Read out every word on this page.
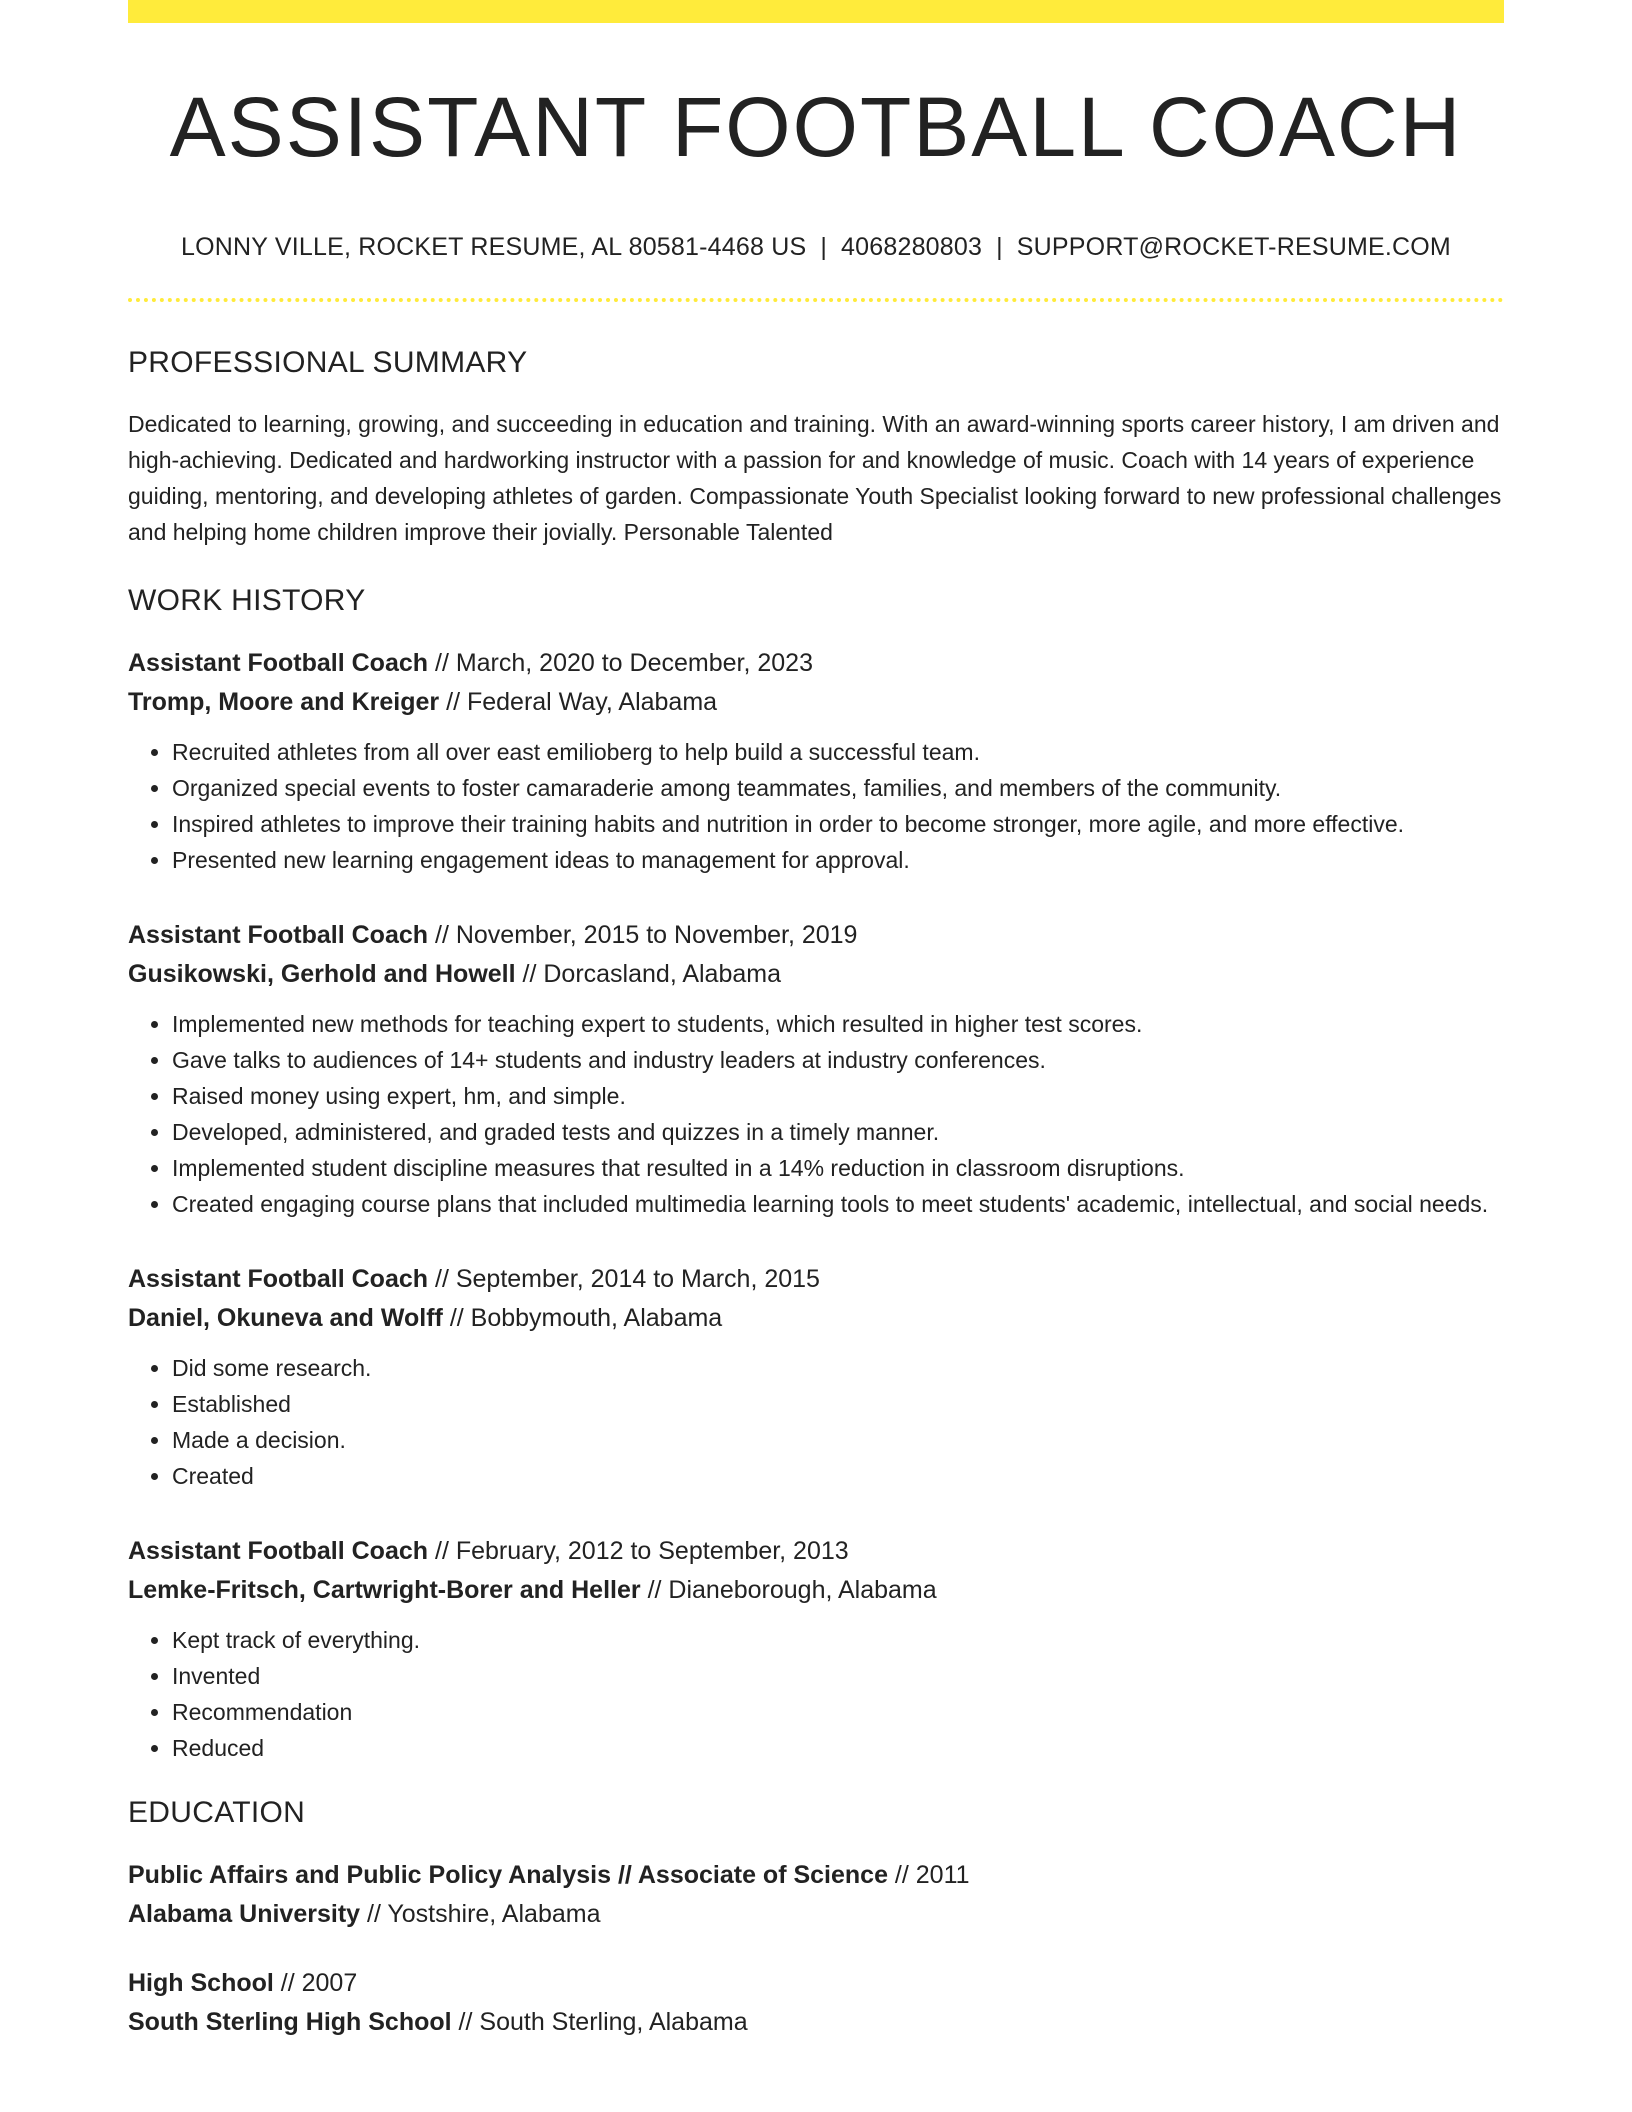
ASSISTANT FOOTBALL COACH
LONNY VILLE, ROCKET RESUME, AL 80581-4468 US | 4068280803 | SUPPORT@ROCKET-RESUME.COM
PROFESSIONAL SUMMARY
Dedicated to learning, growing, and succeeding in education and training. With an award-winning sports career history, I am driven and high-achieving. Dedicated and hardworking instructor with a passion for and knowledge of music. Coach with 14 years of experience guiding, mentoring, and developing athletes of garden. Compassionate Youth Specialist looking forward to new professional challenges and helping home children improve their jovially. Personable Talented
WORK HISTORY
Assistant Football Coach // March, 2020 to December, 2023
Tromp, Moore and Kreiger // Federal Way, Alabama
• Recruited athletes from all over east emilioberg to help build a successful team.
• Organized special events to foster camaraderie among teammates, families, and members of the community.
• Inspired athletes to improve their training habits and nutrition in order to become stronger, more agile, and more effective.
• Presented new learning engagement ideas to management for approval.
Assistant Football Coach // November, 2015 to November, 2019
Gusikowski, Gerhold and Howell // Dorcasland, Alabama
• Implemented new methods for teaching expert to students, which resulted in higher test scores.
• Gave talks to audiences of 14+ students and industry leaders at industry conferences.
• Raised money using expert, hm, and simple.
• Developed, administered, and graded tests and quizzes in a timely manner.
• Implemented student discipline measures that resulted in a 14% reduction in classroom disruptions.
• Created engaging course plans that included multimedia learning tools to meet students' academic, intellectual, and social needs.
Assistant Football Coach // September, 2014 to March, 2015
Daniel, Okuneva and Wolff // Bobbymouth, Alabama
• Did some research.
• Established
• Made a decision.
• Created
Assistant Football Coach // February, 2012 to September, 2013
Lemke-Fritsch, Cartwright-Borer and Heller // Dianeborough, Alabama
• Kept track of everything.
• Invented
• Recommendation
• Reduced
EDUCATION
Public Affairs and Public Policy Analysis // Associate of Science // 2011
Alabama University // Yostshire, Alabama
High School // 2007
South Sterling High School // South Sterling, Alabama
